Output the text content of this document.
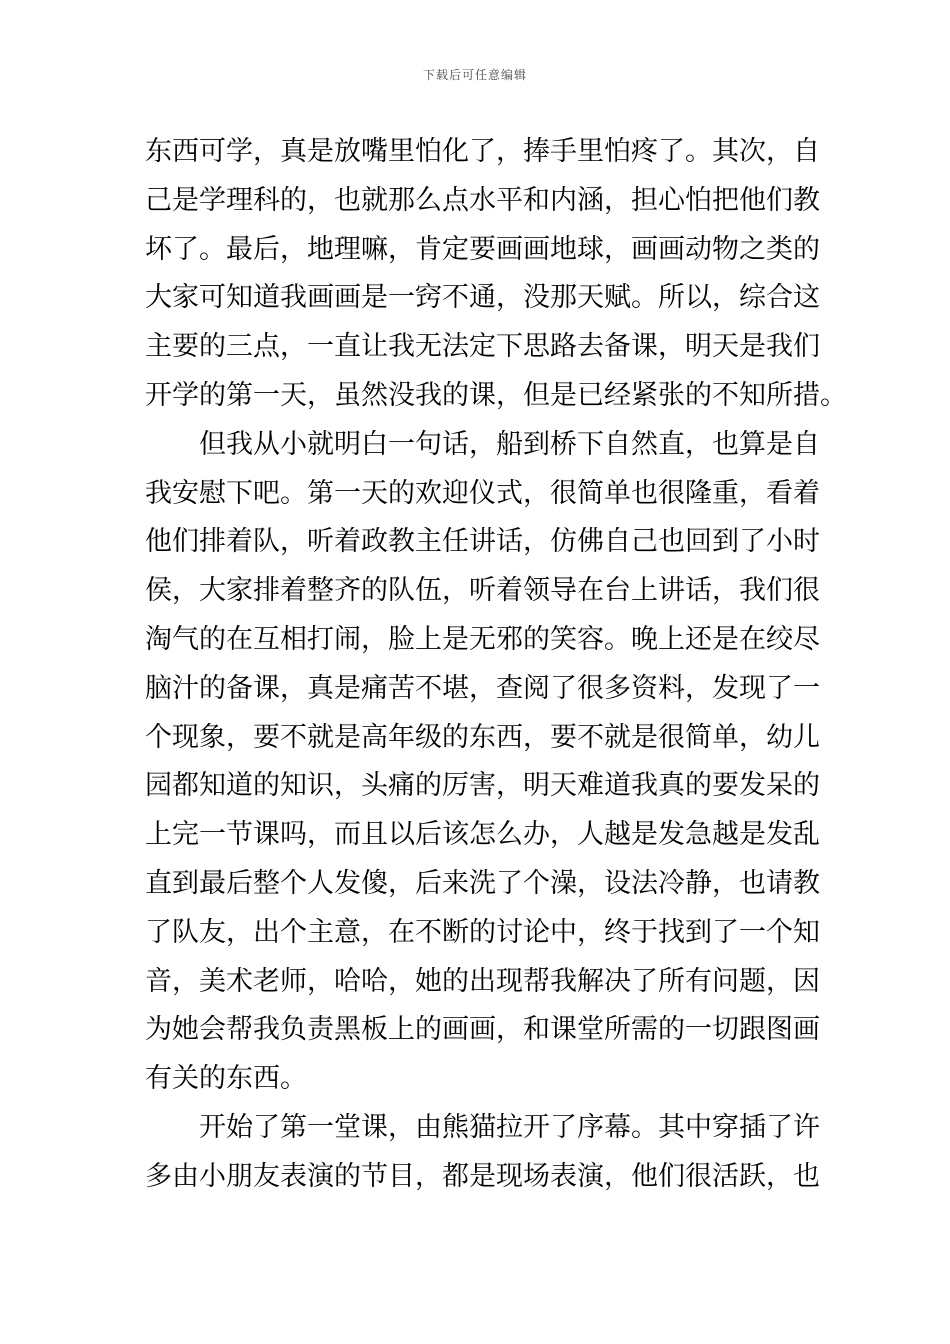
下载后可任意编辑
东西可学，真是放嘴里怕化了，捧手里怕疼了。其次，自
己是学理科的，也就那么点水平和内涵，担心怕把他们教
坏了。最后，地理嘛，肯定要画画地球，画画动物之类的
大家可知道我画画是一窍不通，没那天赋。所以，综合这
主要的三点，一直让我无法定下思路去备课，明天是我们
开学的第一天，虽然没我的课，但是已经紧张的不知所措。
但我从小就明白一句话，船到桥下自然直，也算是自
我安慰下吧。第一天的欢迎仪式，很简单也很隆重，看着
他们排着队，听着政教主任讲话，仿佛自己也回到了小时
侯，大家排着整齐的队伍，听着领导在台上讲话，我们很
淘气的在互相打闹，脸上是无邪的笑容。晚上还是在绞尽
脑汁的备课，真是痛苦不堪，查阅了很多资料，发现了一
个现象，要不就是高年级的东西，要不就是很简单，幼儿
园都知道的知识，头痛的厉害，明天难道我真的要发呆的
上完一节课吗，而且以后该怎么办，人越是发急越是发乱
直到最后整个人发傻，后来洗了个澡，设法冷静，也请教
了队友，出个主意，在不断的讨论中，终于找到了一个知
音，美术老师，哈哈，她的出现帮我解决了所有问题，因
为她会帮我负责黑板上的画画，和课堂所需的一切跟图画
有关的东西。
开始了第一堂课，由熊猫拉开了序幕。其中穿插了许
多由小朋友表演的节目，都是现场表演，他们很活跃，也
